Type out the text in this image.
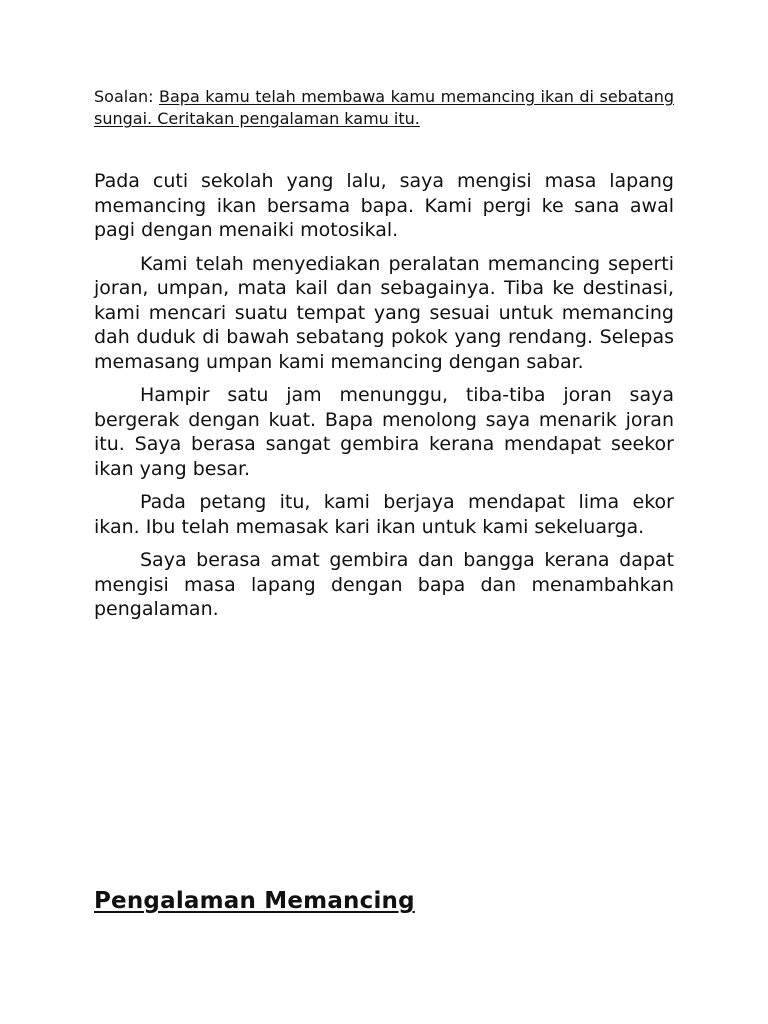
Soalan: Bapa kamu telah membawa kamu memancing ikan di sebatang sungai. Ceritakan pengalaman kamu itu.

Pada cuti sekolah yang lalu, saya mengisi masa lapang memancing ikan bersama bapa. Kami pergi ke sana awal pagi dengan menaiki motosikal.

Kami telah menyediakan peralatan memancing seperti joran, umpan, mata kail dan sebagainya. Tiba ke destinasi, kami mencari suatu tempat yang sesuai untuk memancing dah duduk di bawah sebatang pokok yang rendang. Selepas memasang umpan kami memancing dengan sabar.

Hampir satu jam menunggu, tiba-tiba joran saya bergerak dengan kuat. Bapa menolong saya menarik joran itu. Saya berasa sangat gembira kerana mendapat seekor ikan yang besar.

Pada petang itu, kami berjaya mendapat lima ekor ikan. Ibu telah memasak kari ikan untuk kami sekeluarga.

Saya berasa amat gembira dan bangga kerana dapat mengisi masa lapang dengan bapa dan menambahkan pengalaman.

Pengalaman Memancing
